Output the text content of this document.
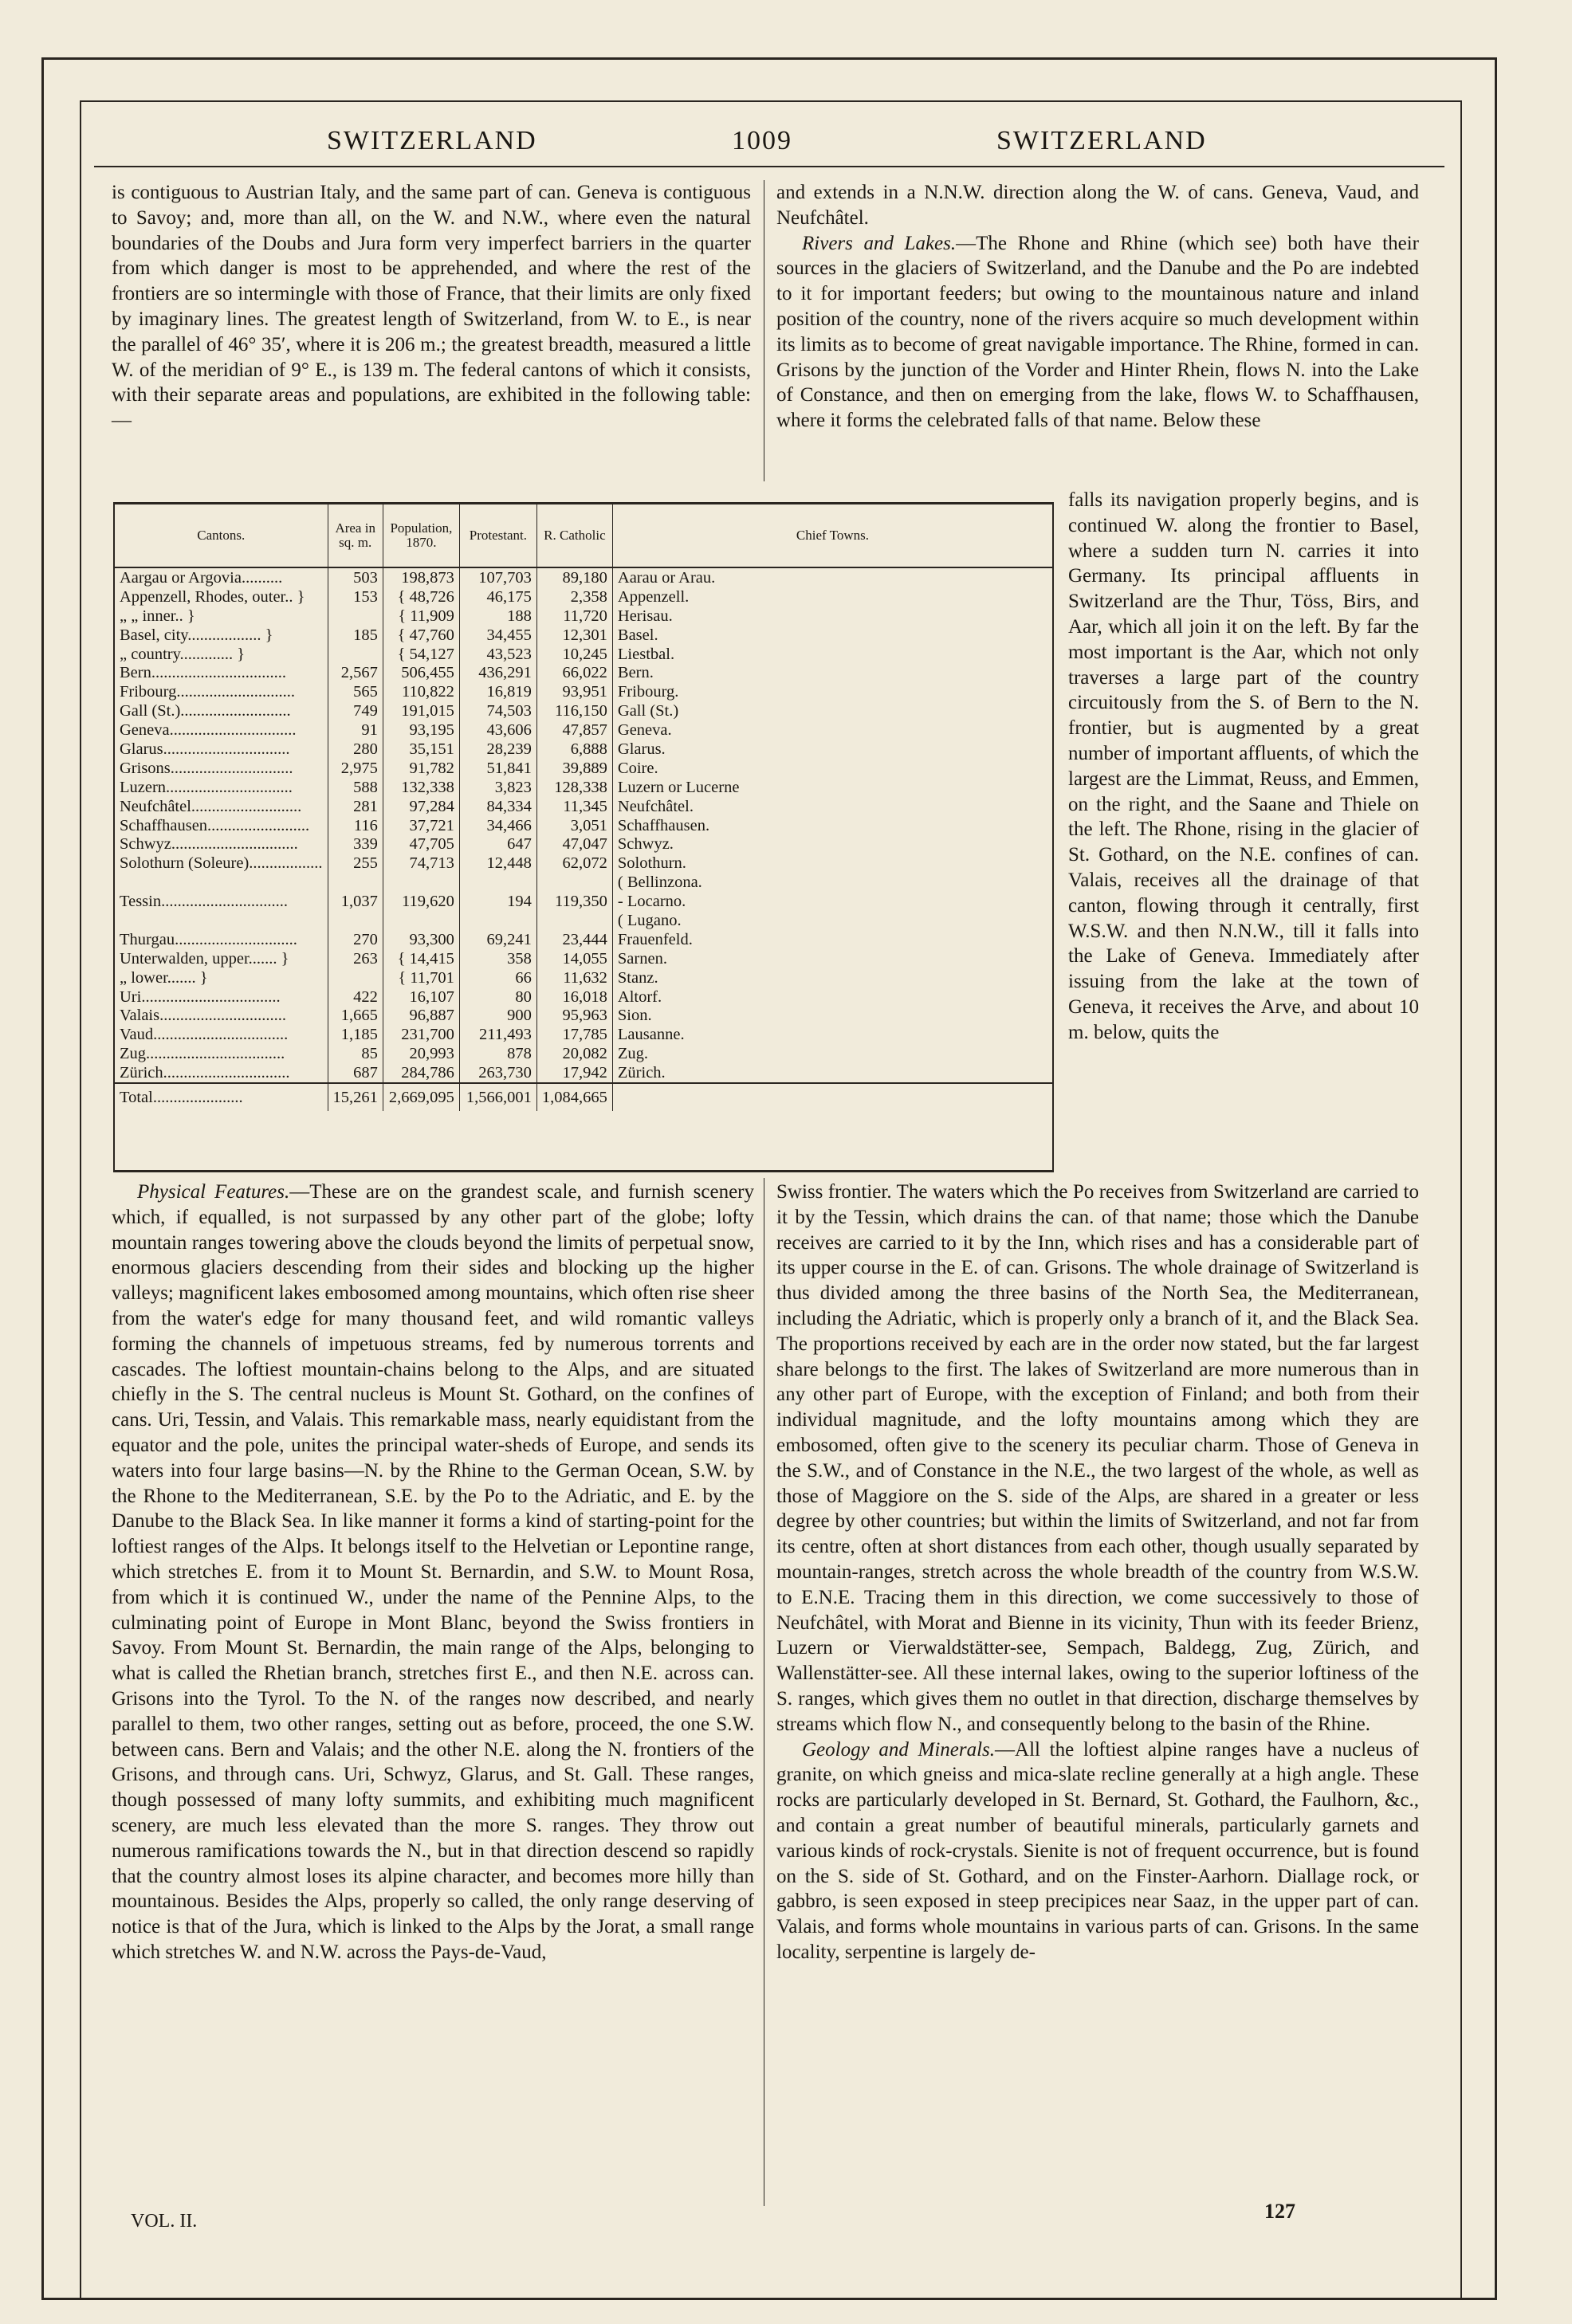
SWITZERLAND	1009	SWITZERLAND

is contiguous to Austrian Italy, and the same part of can. Geneva is contiguous to Savoy; and, more than all, on the W. and N.W., where even the natural boundaries of the Doubs and Jura form very imperfect barriers in the quarter from which danger is most to be apprehended, and where the rest of the frontiers are so intermingle with those of France, that their limits are only fixed by imaginary lines. The greatest length of Switzerland, from W. to E., is near the parallel of 46° 35′, where it is 206 m.; the greatest breadth, measured a little W. of the meridian of 9° E., is 139 m. The federal cantons of which it consists, with their separate areas and populations, are exhibited in the following table:—

and extends in a N.N.W. direction along the W. of cans. Geneva, Vaud, and Neufchâtel.

Rivers and Lakes.—The Rhone and Rhine (which see) both have their sources in the glaciers of Switzerland, and the Danube and the Po are indebted to it for important feeders; but owing to the mountainous nature and inland position of the country, none of the rivers acquire so much development within its limits as to become of great navigable importance. The Rhine, formed in can. Grisons by the junction of the Vorder and Hinter Rhein, flows N. into the Lake of Constance, and then on emerging from the lake, flows W. to Schaffhausen, where it forms the celebrated falls of that name. Below these

falls its navigation properly begins, and is continued W. along the frontier to Basel, where a sudden turn N. carries it into Germany. Its principal affluents in Switzerland are the Thur, Töss, Birs, and Aar, which all join it on the left. By far the most important is the Aar, which not only traverses a large part of the country circuitously from the S. of Bern to the N. frontier, but is augmented by a great number of important affluents, of which the largest are the Limmat, Reuss, and Emmen, on the right, and the Saane and Thiele on the left. The Rhone, rising in the glacier of St. Gothard, on the N.E. confines of can. Valais, receives all the drainage of that canton, flowing through it centrally, first W.S.W. and then N.N.W., till it falls into the Lake of Geneva. Immediately after issuing from the lake at the town of Geneva, it receives the Arve, and about 10 m. below, quits the

Cantons.	Area in sq. m.	Population, 1870.	Protestant.	R. Catholic	Chief Towns.
Aargau or Argovia..........	503	198,873	107,703	89,180	Aarau or Arau.
Appenzell, Rhodes, outer.. }	153	{ 48,726	46,175	2,358	Appenzell.
„ „ inner.. }		{ 11,909	188	11,720	Herisau.
Basel, city.................. }	185	{ 47,760	34,455	12,301	Basel.
„ country............. }		{ 54,127	43,523	10,245	Liestbal.
Bern.................................	2,567	506,455	436,291	66,022	Bern.
Fribourg.............................	565	110,822	16,819	93,951	Fribourg.
Gall (St.)...........................	749	191,015	74,503	116,150	Gall (St.)
Geneva...............................	91	93,195	43,606	47,857	Geneva.
Glarus...............................	280	35,151	28,239	6,888	Glarus.
Grisons..............................	2,975	91,782	51,841	39,889	Coire.
Luzern...............................	588	132,338	3,823	128,338	Luzern or Lucerne
Neufchâtel...........................	281	97,284	84,334	11,345	Neufchâtel.
Schaffhausen.........................	116	37,721	34,466	3,051	Schaffhausen.
Schwyz...............................	339	47,705	647	47,047	Schwyz.
Solothurn (Soleure)..................	255	74,713	12,448	62,072	Solothurn.
					( Bellinzona.
Tessin...............................	1,037	119,620	194	119,350	- Locarno.
					( Lugano.
Thurgau..............................	270	93,300	69,241	23,444	Frauenfeld.
Unterwalden, upper....... }	263	{ 14,415	358	14,055	Sarnen.
„ lower....... }		{ 11,701	66	11,632	Stanz.
Uri..................................	422	16,107	80	16,018	Altorf.
Valais...............................	1,665	96,887	900	95,963	Sion.
Vaud.................................	1,185	231,700	211,493	17,785	Lausanne.
Zug..................................	85	20,993	878	20,082	Zug.
Zürich...............................	687	284,786	263,730	17,942	Zürich.
Total......................	15,261	2,669,095	1,566,001	1,084,665	

Physical Features.—These are on the grandest scale, and furnish scenery which, if equalled, is not surpassed by any other part of the globe; lofty mountain ranges towering above the clouds beyond the limits of perpetual snow, enormous glaciers descending from their sides and blocking up the higher valleys; magnificent lakes embosomed among mountains, which often rise sheer from the water's edge for many thousand feet, and wild romantic valleys forming the channels of impetuous streams, fed by numerous torrents and cascades. The loftiest mountain-chains belong to the Alps, and are situated chiefly in the S. The central nucleus is Mount St. Gothard, on the confines of cans. Uri, Tessin, and Valais. This remarkable mass, nearly equidistant from the equator and the pole, unites the principal water-sheds of Europe, and sends its waters into four large basins—N. by the Rhine to the German Ocean, S.W. by the Rhone to the Mediterranean, S.E. by the Po to the Adriatic, and E. by the Danube to the Black Sea. In like manner it forms a kind of starting-point for the loftiest ranges of the Alps. It belongs itself to the Helvetian or Lepontine range, which stretches E. from it to Mount St. Bernardin, and S.W. to Mount Rosa, from which it is continued W., under the name of the Pennine Alps, to the culminating point of Europe in Mont Blanc, beyond the Swiss frontiers in Savoy. From Mount St. Bernardin, the main range of the Alps, belonging to what is called the Rhetian branch, stretches first E., and then N.E. across can. Grisons into the Tyrol. To the N. of the ranges now described, and nearly parallel to them, two other ranges, setting out as before, proceed, the one S.W. between cans. Bern and Valais; and the other N.E. along the N. frontiers of the Grisons, and through cans. Uri, Schwyz, Glarus, and St. Gall. These ranges, though possessed of many lofty summits, and exhibiting much magnificent scenery, are much less elevated than the more S. ranges. They throw out numerous ramifications towards the N., but in that direction descend so rapidly that the country almost loses its alpine character, and becomes more hilly than mountainous. Besides the Alps, properly so called, the only range deserving of notice is that of the Jura, which is linked to the Alps by the Jorat, a small range which stretches W. and N.W. across the Pays-de-Vaud,

Swiss frontier. The waters which the Po receives from Switzerland are carried to it by the Tessin, which drains the can. of that name; those which the Danube receives are carried to it by the Inn, which rises and has a considerable part of its upper course in the E. of can. Grisons. The whole drainage of Switzerland is thus divided among the three basins of the North Sea, the Mediterranean, including the Adriatic, which is properly only a branch of it, and the Black Sea. The proportions received by each are in the order now stated, but the far largest share belongs to the first. The lakes of Switzerland are more numerous than in any other part of Europe, with the exception of Finland; and both from their individual magnitude, and the lofty mountains among which they are embosomed, often give to the scenery its peculiar charm. Those of Geneva in the S.W., and of Constance in the N.E., the two largest of the whole, as well as those of Maggiore on the S. side of the Alps, are shared in a greater or less degree by other countries; but within the limits of Switzerland, and not far from its centre, often at short distances from each other, though usually separated by mountain-ranges, stretch across the whole breadth of the country from W.S.W. to E.N.E. Tracing them in this direction, we come successively to those of Neufchâtel, with Morat and Bienne in its vicinity, Thun with its feeder Brienz, Luzern or Vierwaldstätter-see, Sempach, Baldegg, Zug, Zürich, and Wallenstätter-see. All these internal lakes, owing to the superior loftiness of the S. ranges, which gives them no outlet in that direction, discharge themselves by streams which flow N., and consequently belong to the basin of the Rhine.

Geology and Minerals.—All the loftiest alpine ranges have a nucleus of granite, on which gneiss and mica-slate recline generally at a high angle. These rocks are particularly developed in St. Bernard, St. Gothard, the Faulhorn, &c., and contain a great number of beautiful minerals, particularly garnets and various kinds of rock-crystals. Sienite is not of frequent occurrence, but is found on the S. side of St. Gothard, and on the Finster-Aarhorn. Diallage rock, or gabbro, is seen exposed in steep precipices near Saaz, in the upper part of can. Valais, and forms whole mountains in various parts of can. Grisons. In the same locality, serpentine is largely de-

VOL. II.	127
